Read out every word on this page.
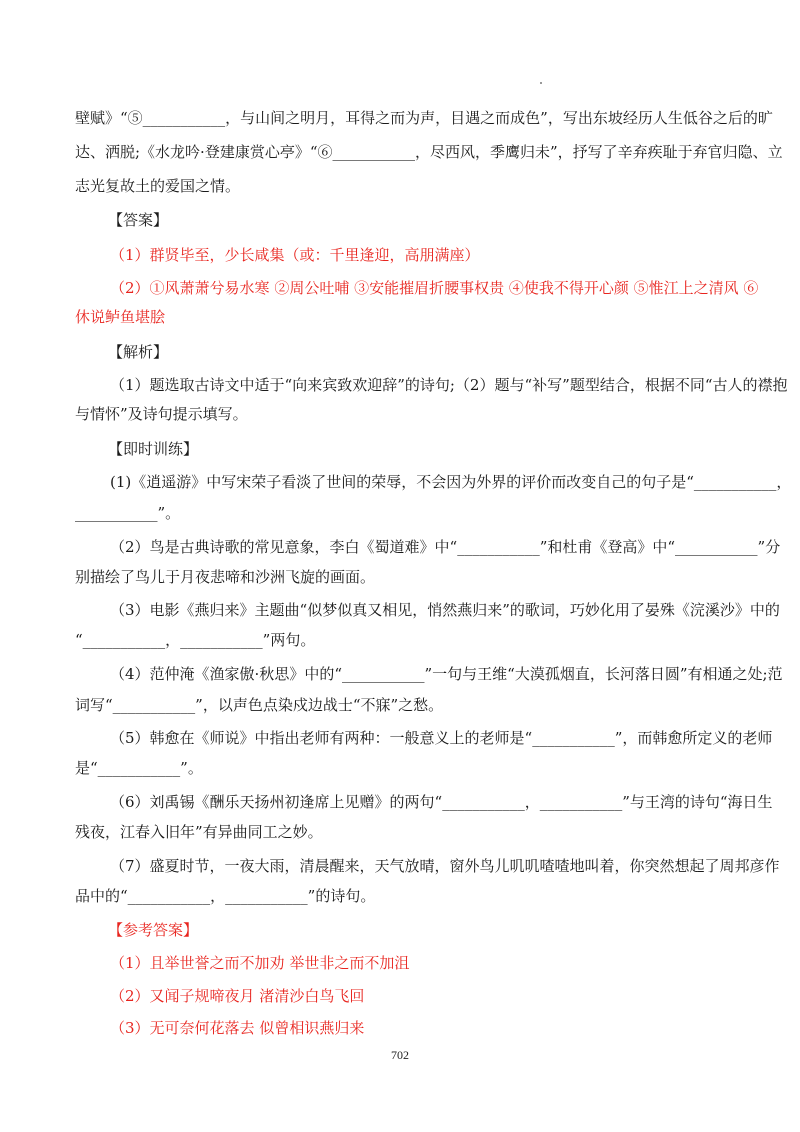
壁赋》“⑤___________，与山间之明月，耳得之而为声，目遇之而成色”，写出东坡经历人生低谷之后的旷
达、洒脱;《水龙吟·登建康赏心亭》“⑥___________，尽西风，季鹰归未”，抒写了辛弃疾耻于弃官归隐、立
志光复故土的爱国之情。
【答案】
（1）群贤毕至，少长咸集（或：千里逢迎，高朋满座）
（2）①风萧萧兮易水寒 ②周公吐哺 ③安能摧眉折腰事权贵 ④使我不得开心颜 ⑤惟江上之清风 ⑥
休说鲈鱼堪脍
【解析】
（1）题选取古诗文中适于“向来宾致欢迎辞”的诗句;（2）题与“补写”题型结合，根据不同“古人的襟抱
与情怀”及诗句提示填写。
【即时训练】
(1)《逍遥游》中写宋荣子看淡了世间的荣辱，不会因为外界的评价而改变自己的句子是“___________，
___________”。
（2）鸟是古典诗歌的常见意象，李白《蜀道难》中“___________”和杜甫《登高》中“___________”分
别描绘了鸟儿于月夜悲啼和沙洲飞旋的画面。
（3）电影《燕归来》主题曲“似梦似真又相见，悄然燕归来”的歌词，巧妙化用了晏殊《浣溪沙》中的
“___________，___________”两句。
（4）范仲淹《渔家傲·秋思》中的“___________”一句与王维“大漠孤烟直，长河落日圆”有相通之处;范
词写“___________”，以声色点染戍边战士“不寐”之愁。
（5）韩愈在《师说》中指出老师有两种：一般意义上的老师是“___________”，而韩愈所定义的老师
是“___________”。
（6）刘禹锡《酬乐天扬州初逢席上见赠》的两句“___________，___________”与王湾的诗句“海日生
残夜，江春入旧年”有异曲同工之妙。
（7）盛夏时节，一夜大雨，清晨醒来，天气放晴，窗外鸟儿叽叽喳喳地叫着，你突然想起了周邦彦作
品中的“___________，___________”的诗句。
【参考答案】
（1）且举世誉之而不加劝 举世非之而不加沮
（2）又闻子规啼夜月 渚清沙白鸟飞回
（3）无可奈何花落去 似曾相识燕归来
702
